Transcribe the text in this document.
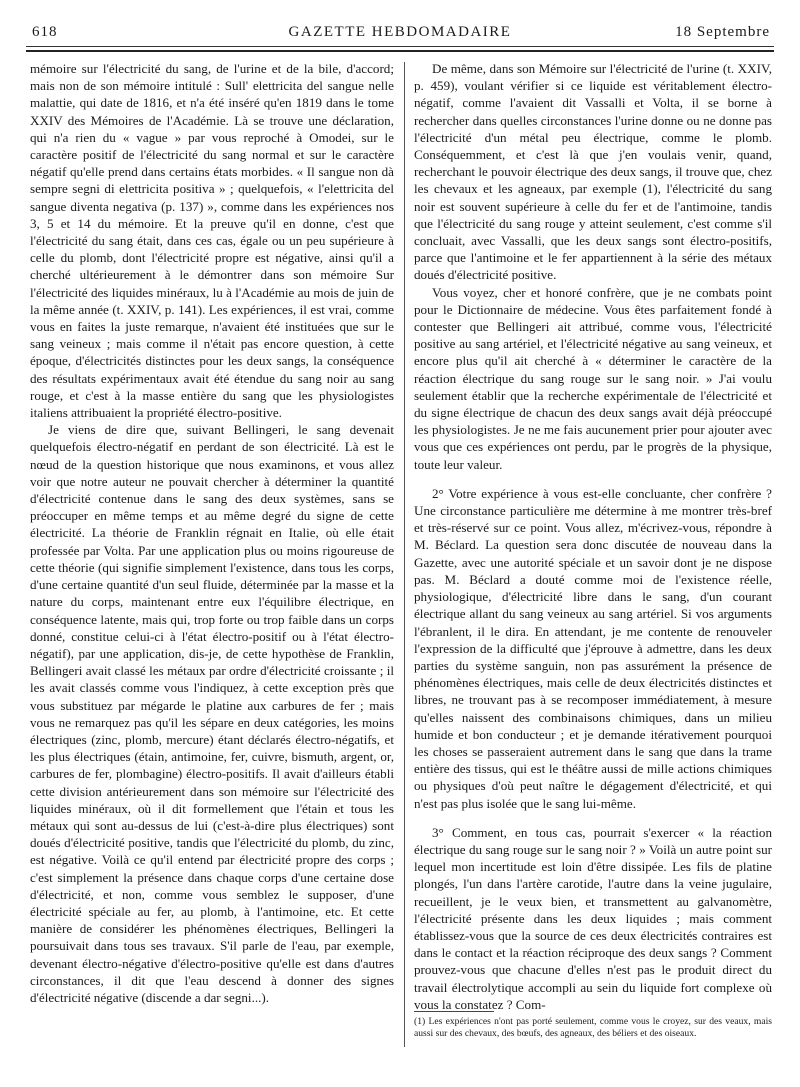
618	GAZETTE HEBDOMADAIRE	18 Septembre

mémoire sur l'électricité du sang, de l'urine et de la bile, d'accord; mais non de son mémoire intitulé : Sull' elettricita del sangue nelle malattie, qui date de 1816, et n'a été inséré qu'en 1819 dans le tome XXIV des Mémoires de l'Académie. Là se trouve une déclaration, qui n'a rien du « vague » par vous reproché à Omodei, sur le caractère positif de l'électricité du sang normal et sur le caractère négatif qu'elle prend dans certains états morbides. « Il sangue non dà sempre segni di elettricita positiva » ; quelquefois, « l'elettricita del sangue diventa negativa (p. 137) », comme dans les expériences nos 3, 5 et 14 du mémoire. Et la preuve qu'il en donne, c'est que l'électricité du sang était, dans ces cas, égale ou un peu supérieure à celle du plomb, dont l'électricité propre est négative, ainsi qu'il a cherché ultérieurement à le démontrer dans son mémoire Sur l'électricité des liquides minéraux, lu à l'Académie au mois de juin de la même année (t. XXIV, p. 141). Les expériences, il est vrai, comme vous en faites la juste remarque, n'avaient été instituées que sur le sang veineux ; mais comme il n'était pas encore question, à cette époque, d'électricités distinctes pour les deux sangs, la conséquence des résultats expérimentaux avait été étendue du sang noir au sang rouge, et c'est à la masse entière du sang que les physiologistes italiens attribuaient la propriété électro-positive.

Je viens de dire que, suivant Bellingeri, le sang devenait quelquefois électro-négatif en perdant de son électricité. Là est le nœud de la question historique que nous examinons, et vous allez voir que notre auteur ne pouvait chercher à déterminer la quantité d'électricité contenue dans le sang des deux systèmes, sans se préoccuper en même temps et au même degré du signe de cette électricité. La théorie de Franklin régnait en Italie, où elle était professée par Volta. Par une application plus ou moins rigoureuse de cette théorie (qui signifie simplement l'existence, dans tous les corps, d'une certaine quantité d'un seul fluide, déterminée par la masse et la nature du corps, maintenant entre eux l'équilibre électrique, en conséquence latente, mais qui, trop forte ou trop faible dans un corps donné, constitue celui-ci à l'état électro-positif ou à l'état électro-négatif), par une application, dis-je, de cette hypothèse de Franklin, Bellingeri avait classé les métaux par ordre d'électricité croissante ; il les avait classés comme vous l'indiquez, à cette exception près que vous substituez par mégarde le platine aux carbures de fer ; mais vous ne remarquez pas qu'il les sépare en deux catégories, les moins électriques (zinc, plomb, mercure) étant déclarés électro-négatifs, et les plus électriques (étain, antimoine, fer, cuivre, bismuth, argent, or, carbures de fer, plombagine) électro-positifs. Il avait d'ailleurs établi cette division antérieurement dans son mémoire sur l'électricité des liquides minéraux, où il dit formellement que l'étain et tous les métaux qui sont au-dessus de lui (c'est-à-dire plus électriques) sont doués d'électricité positive, tandis que l'électricité du plomb, du zinc, est négative. Voilà ce qu'il entend par électricité propre des corps ; c'est simplement la présence dans chaque corps d'une certaine dose d'électricité, et non, comme vous semblez le supposer, d'une électricité spéciale au fer, au plomb, à l'antimoine, etc. Et cette manière de considérer les phénomènes électriques, Bellingeri la poursuivait dans tous ses travaux. S'il parle de l'eau, par exemple, devenant électro-négative d'électro-positive qu'elle est dans d'autres circonstances, il dit que l'eau descend à donner des signes d'électricité négative (discende a dar segni...).

De même, dans son Mémoire sur l'électricité de l'urine (t. XXIV, p. 459), voulant vérifier si ce liquide est véritablement électro-négatif, comme l'avaient dit Vassalli et Volta, il se borne à rechercher dans quelles circonstances l'urine donne ou ne donne pas l'électricité d'un métal peu électrique, comme le plomb. Conséquemment, et c'est là que j'en voulais venir, quand, recherchant le pouvoir électrique des deux sangs, il trouve que, chez les chevaux et les agneaux, par exemple (1), l'électricité du sang noir est souvent supérieure à celle du fer et de l'antimoine, tandis que l'électricité du sang rouge y atteint seulement, c'est comme s'il concluait, avec Vassalli, que les deux sangs sont électro-positifs, parce que l'antimoine et le fer appartiennent à la série des métaux doués d'électricité positive.

Vous voyez, cher et honoré confrère, que je ne combats point pour le Dictionnaire de médecine. Vous êtes parfaitement fondé à contester que Bellingeri ait attribué, comme vous, l'électricité positive au sang artériel, et l'électricité négative au sang veineux, et encore plus qu'il ait cherché à « déterminer le caractère de la réaction électrique du sang rouge sur le sang noir. » J'ai voulu seulement établir que la recherche expérimentale de l'électricité et du signe électrique de chacun des deux sangs avait déjà préoccupé les physiologistes. Je ne me fais aucunement prier pour ajouter avec vous que ces expériences ont perdu, par le progrès de la physique, toute leur valeur.

2° Votre expérience à vous est-elle concluante, cher confrère ? Une circonstance particulière me détermine à me montrer très-bref et très-réservé sur ce point. Vous allez, m'écrivez-vous, répondre à M. Béclard. La question sera donc discutée de nouveau dans la Gazette, avec une autorité spéciale et un savoir dont je ne dispose pas. M. Béclard a douté comme moi de l'existence réelle, physiologique, d'électricité libre dans le sang, d'un courant électrique allant du sang veineux au sang artériel. Si vos arguments l'ébranlent, il le dira. En attendant, je me contente de renouveler l'expression de la difficulté que j'éprouve à admettre, dans les deux parties du système sanguin, non pas assurément la présence de phénomènes électriques, mais celle de deux électricités distinctes et libres, ne trouvant pas à se recomposer immédiatement, à mesure qu'elles naissent des combinaisons chimiques, dans un milieu humide et bon conducteur ; et je demande itérativement pourquoi les choses se passeraient autrement dans le sang que dans la trame entière des tissus, qui est le théâtre aussi de mille actions chimiques ou physiques d'où peut naître le dégagement d'électricité, et qui n'est pas plus isolée que le sang lui-même.

3° Comment, en tous cas, pourrait s'exercer « la réaction électrique du sang rouge sur le sang noir ? » Voilà un autre point sur lequel mon incertitude est loin d'être dissipée. Les fils de platine plongés, l'un dans l'artère carotide, l'autre dans la veine jugulaire, recueillent, je le veux bien, et transmettent au galvanomètre, l'électricité présente dans les deux liquides ; mais comment établissez-vous que la source de ces deux électricités contraires est dans le contact et la réaction réciproque des deux sangs ? Comment prouvez-vous que chacune d'elles n'est pas le produit direct du travail électrolytique accompli au sein du liquide fort complexe où vous la constatez ? Com-

(1) Les expériences n'ont pas porté seulement, comme vous le croyez, sur des veaux, mais aussi sur des chevaux, des bœufs, des agneaux, des béliers et des oiseaux.
